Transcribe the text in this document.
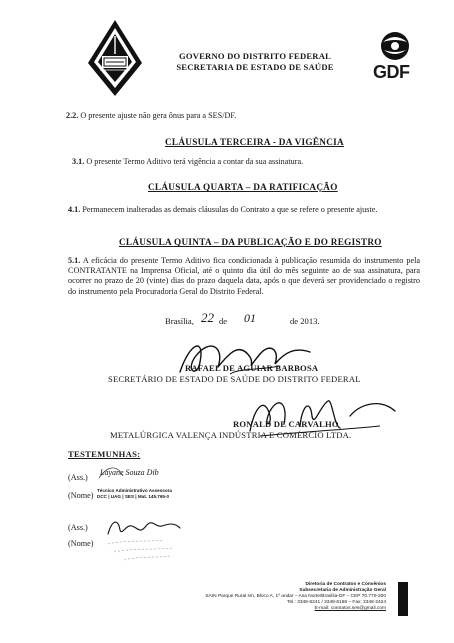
GOVERNO DO DISTRITO FEDERAL
SECRETARIA DE ESTADO DE SAÚDE	GDF
2.2. O presente ajuste não gera ônus para a SES/DF.
CLÁUSULA TERCEIRA - DA VIGÊNCIA
3.1. O presente Termo Aditivo terá vigência a contar da sua assinatura.
CLÁUSULA QUARTA – DA RATIFICAÇÃO
4.1. Permanecem inalteradas as demais cláusulas do Contrato a que se refere o presente ajuste.
CLÁUSULA QUINTA – DA PUBLICAÇÃO E DO REGISTRO
5.1. A eficácia do presente Termo Aditivo fica condicionada à publicação resumida do instrumento pela CONTRATANTE na Imprensa Oficial, até o quinto dia útil do mês seguinte ao de sua assinatura, para ocorrer no prazo de 20 (vinte) dias do prazo daquela data, após o que deverá ser providenciado o registro do instrumento pela Procuradoria Geral do Distrito Federal.
Brasília, 22 de 01	de 2013.
RAFAEL DE AGUIAR BARBOSA
SECRETÁRIO DE ESTADO DE SAÚDE DO DISTRITO FEDERAL
RONALD DE CARVALHO
METALÚRGICA VALENÇA INDÚSTRIA E COMÉRCIO LTDA.
TESTEMUNHAS:
(Ass.)
Layane Souza Dib
(Nome)
Técnico Administrativo Assessora
DCC | UAG | SES | Mat. 145.765-0
(Ass.)
(Nome)
Diretoria de Contratos e Convênios
Subsecretaria de Administração Geral
SAIN Parque Rural s/n, Bloco A, 1º andar – Asa Norte/Brasília-DF – CEP 70.770-200
Tel.: 3348-6241 / 3348-6168 – Fax: 3348-2424
E-mail: contratos.ses@gmail.com
